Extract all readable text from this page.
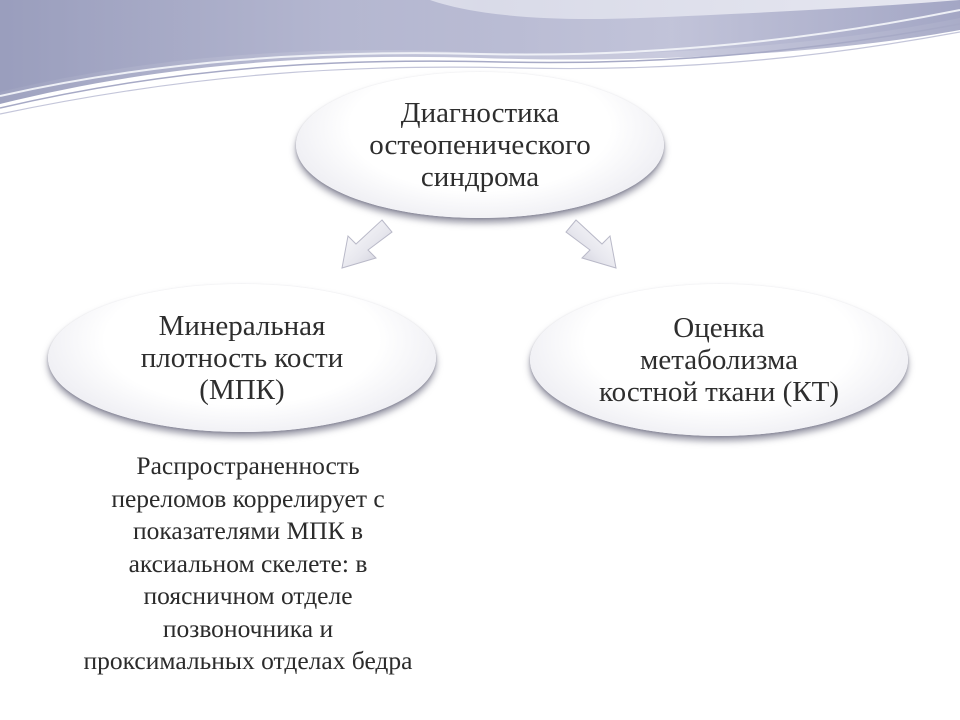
Диагностика
остеопенического
синдрома
Минеральная
плотность кости
(МПК)
Оценка
метаболизма
костной ткани (КТ)
Распространенность
переломов коррелирует с
показателями МПК в
аксиальном скелете: в
поясничном отделе
позвоночника и
проксимальных отделах бедра
